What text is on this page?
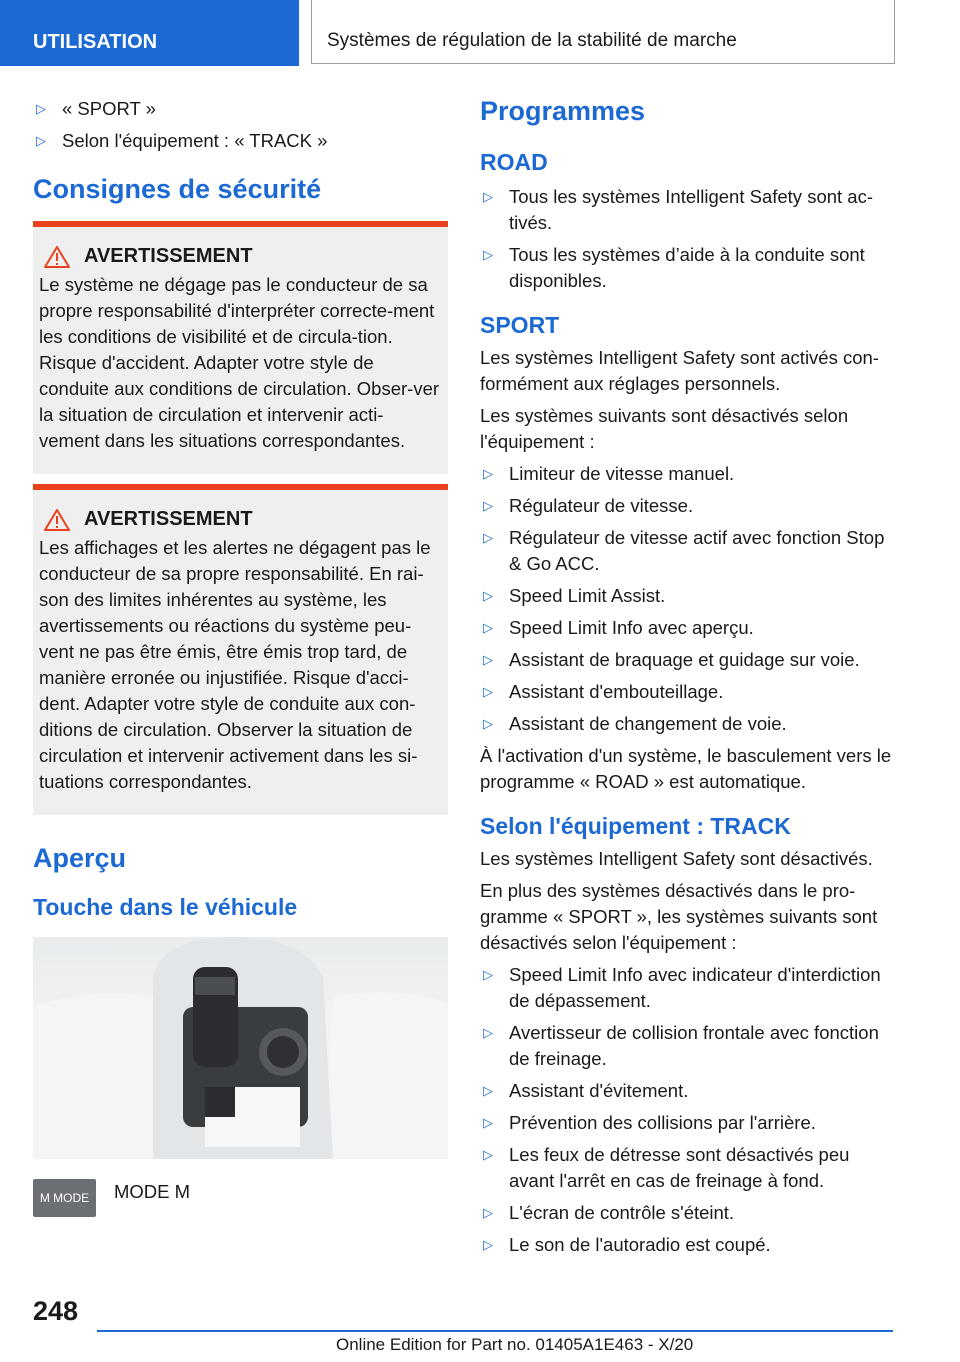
UTILISATION	Systèmes de régulation de la stabilité de marche
▷ « SPORT »
▷ Selon l'équipement : « TRACK »
Consignes de sécurité
AVERTISSEMENT

Le système ne dégage pas le conducteur de sa propre responsabilité d'interpréter correcte-ment les conditions de visibilité et de circula-tion. Risque d'accident. Adapter votre style de conduite aux conditions de circulation. Obser-ver la situation de circulation et intervenir acti-vement dans les situations correspondantes.

AVERTISSEMENT

Les affichages et les alertes ne dégagent pas le conducteur de sa propre responsabilité. En rai-son des limites inhérentes au système, les avertissements ou réactions du système peu-vent ne pas être émis, être émis trop tard, de manière erronée ou injustifiée. Risque d'acci-dent. Adapter votre style de conduite aux con-ditions de circulation. Observer la situation de circulation et intervenir activement dans les si-tuations correspondantes.

Aperçu
Touche dans le véhicule
M MODE	MODE M
Programmes
ROAD
▷ Tous les systèmes Intelligent Safety sont ac-tivés.
▷ Tous les systèmes d’aide à la conduite sont disponibles.
SPORT

Les systèmes Intelligent Safety sont activés con-formément aux réglages personnels.

Les systèmes suivants sont désactivés selon l'équipement :

▷ Limiteur de vitesse manuel.
▷ Régulateur de vitesse.
▷ Régulateur de vitesse actif avec fonction Stop & Go ACC.
▷ Speed Limit Assist.
▷ Speed Limit Info avec aperçu.
▷ Assistant de braquage et guidage sur voie.
▷ Assistant d'embouteillage.
▷ Assistant de changement de voie.

À l'activation d'un système, le basculement vers le programme « ROAD » est automatique.

Selon l'équipement : TRACK

Les systèmes Intelligent Safety sont désactivés.

En plus des systèmes désactivés dans le pro-gramme « SPORT », les systèmes suivants sont désactivés selon l'équipement :

▷ Speed Limit Info avec indicateur d'interdiction de dépassement.
▷ Avertisseur de collision frontale avec fonction de freinage.
▷ Assistant d'évitement.
▷ Prévention des collisions par l'arrière.
▷ Les feux de détresse sont désactivés peu avant l'arrêt en cas de freinage à fond.
▷ L'écran de contrôle s'éteint.
▷ Le son de l'autoradio est coupé.
248
Online Edition for Part no. 01405A1E463 - X/20
